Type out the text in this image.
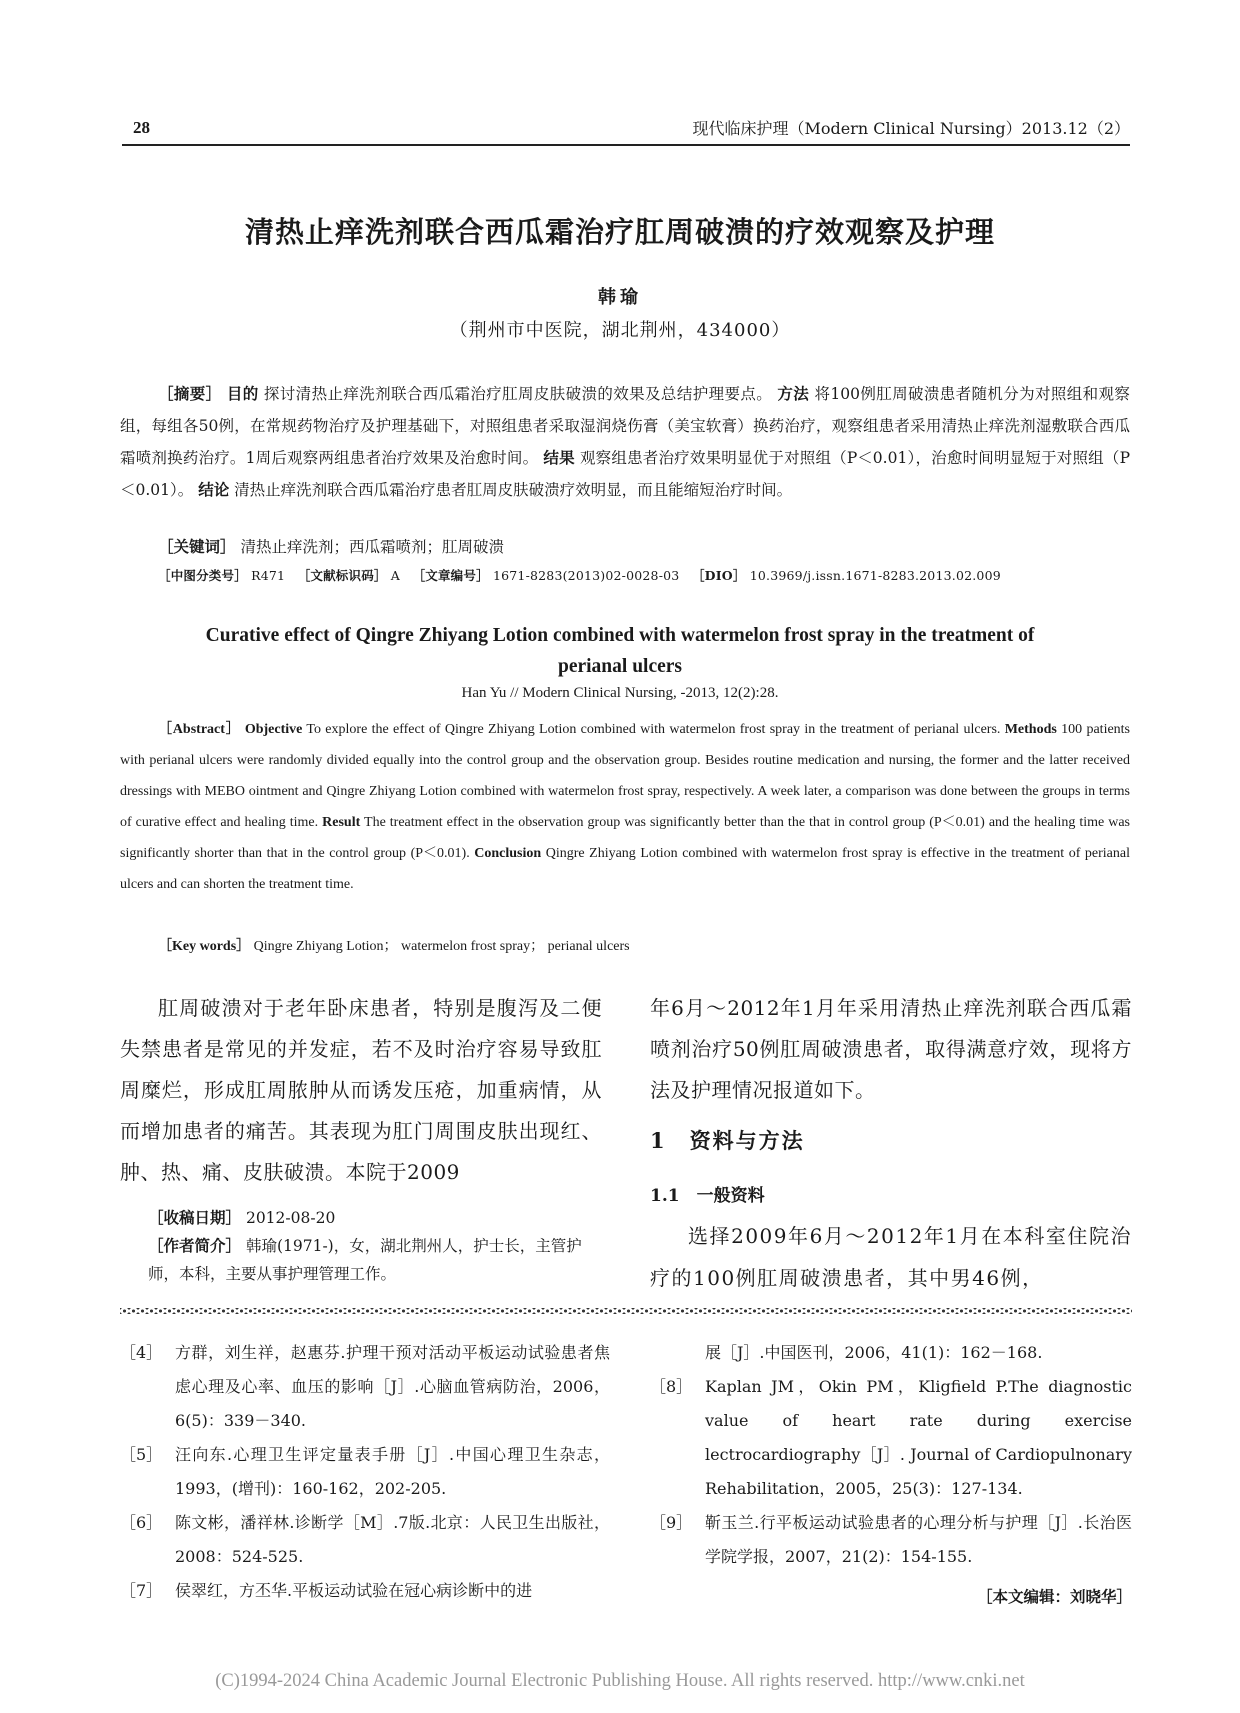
28	现代临床护理（Modern Clinical Nursing）2013.12（2）
清热止痒洗剂联合西瓜霜治疗肛周破溃的疗效观察及护理
韩瑜
（荆州市中医院，湖北荆州，434000）
［摘要］ 目的 探讨清热止痒洗剂联合西瓜霜治疗肛周皮肤破溃的效果及总结护理要点。 方法 将100例肛周破溃患者随机分为对照组和观察组，每组各50例，在常规药物治疗及护理基础下，对照组患者采取湿润烧伤膏（美宝软膏）换药治疗，观察组患者采用清热止痒洗剂湿敷联合西瓜霜喷剂换药治疗。1周后观察两组患者治疗效果及治愈时间。 结果 观察组患者治疗效果明显优于对照组（P＜0.01），治愈时间明显短于对照组（P＜0.01）。 结论 清热止痒洗剂联合西瓜霜治疗患者肛周皮肤破溃疗效明显，而且能缩短治疗时间。
［关键词］ 清热止痒洗剂；西瓜霜喷剂；肛周破溃
［中图分类号］ R471 ［文献标识码］ A ［文章编号］ 1671-8283(2013)02-0028-03 ［DIO］ 10.3969/j.issn.1671-8283.2013.02.009
Curative effect of Qingre Zhiyang Lotion combined with watermelon frost spray in the treatment of
perianal ulcers
Han Yu // Modern Clinical Nursing, -2013, 12(2):28.
［Abstract］ Objective To explore the effect of Qingre Zhiyang Lotion combined with watermelon frost spray in the treatment of perianal ulcers. Methods 100 patients with perianal ulcers were randomly divided equally into the control group and the observation group. Besides routine medication and nursing, the former and the latter received dressings with MEBO ointment and Qingre Zhiyang Lotion combined with watermelon frost spray, respectively. A week later, a comparison was done between the groups in terms of curative effect and healing time. Result The treatment effect in the observation group was significantly better than the that in control group (P＜0.01) and the healing time was significantly shorter than that in the control group (P＜0.01). Conclusion Qingre Zhiyang Lotion combined with watermelon frost spray is effective in the treatment of perianal ulcers and can shorten the treatment time.
［Key words］ Qingre Zhiyang Lotion； watermelon frost spray； perianal ulcers
肛周破溃对于老年卧床患者，特别是腹泻及二便失禁患者是常见的并发症，若不及时治疗容易导致肛周糜烂，形成肛周脓肿从而诱发压疮，加重病情，从而增加患者的痛苦。其表现为肛门周围皮肤出现红、肿、热、痛、皮肤破溃。本院于2009
年6月～2012年1月年采用清热止痒洗剂联合西瓜霜喷剂治疗50例肛周破溃患者，取得满意疗效，现将方法及护理情况报道如下。
1　资料与方法
1.1　一般资料
选择2009年6月～2012年1月在本科室住院治疗的100例肛周破溃患者，其中男46例，
［收稿日期］ 2012-08-20
［作者简介］ 韩瑜(1971-)，女，湖北荆州人，护士长，主管护师，本科，主要从事护理管理工作。
［4］ 方群，刘生祥，赵惠芬.护理干预对活动平板运动试验患者焦虑心理及心率、血压的影响［J］.心脑血管病防治，2006，6(5)：339－340.
［5］ 汪向东.心理卫生评定量表手册［J］.中国心理卫生杂志，1993，(增刊)：160-162，202-205.
［6］ 陈文彬，潘祥林.诊断学［M］.7版.北京：人民卫生出版社，2008：524-525.
［7］ 侯翠红，方丕华.平板运动试验在冠心病诊断中的进
展［J］.中国医刊，2006，41(1)：162－168.
［8］ Kaplan JM，Okin PM，Kligfield P.The diagnostic value of heart rate during exercise lectrocardiography［J］. Journal of Cardiopulnonary Rehabilitation，2005，25(3)：127-134.
［9］ 靳玉兰.行平板运动试验患者的心理分析与护理［J］.长治医学院学报，2007，21(2)：154-155.
［本文编辑：刘晓华］
(C)1994-2024 China Academic Journal Electronic Publishing House. All rights reserved. http://www.cnki.net
